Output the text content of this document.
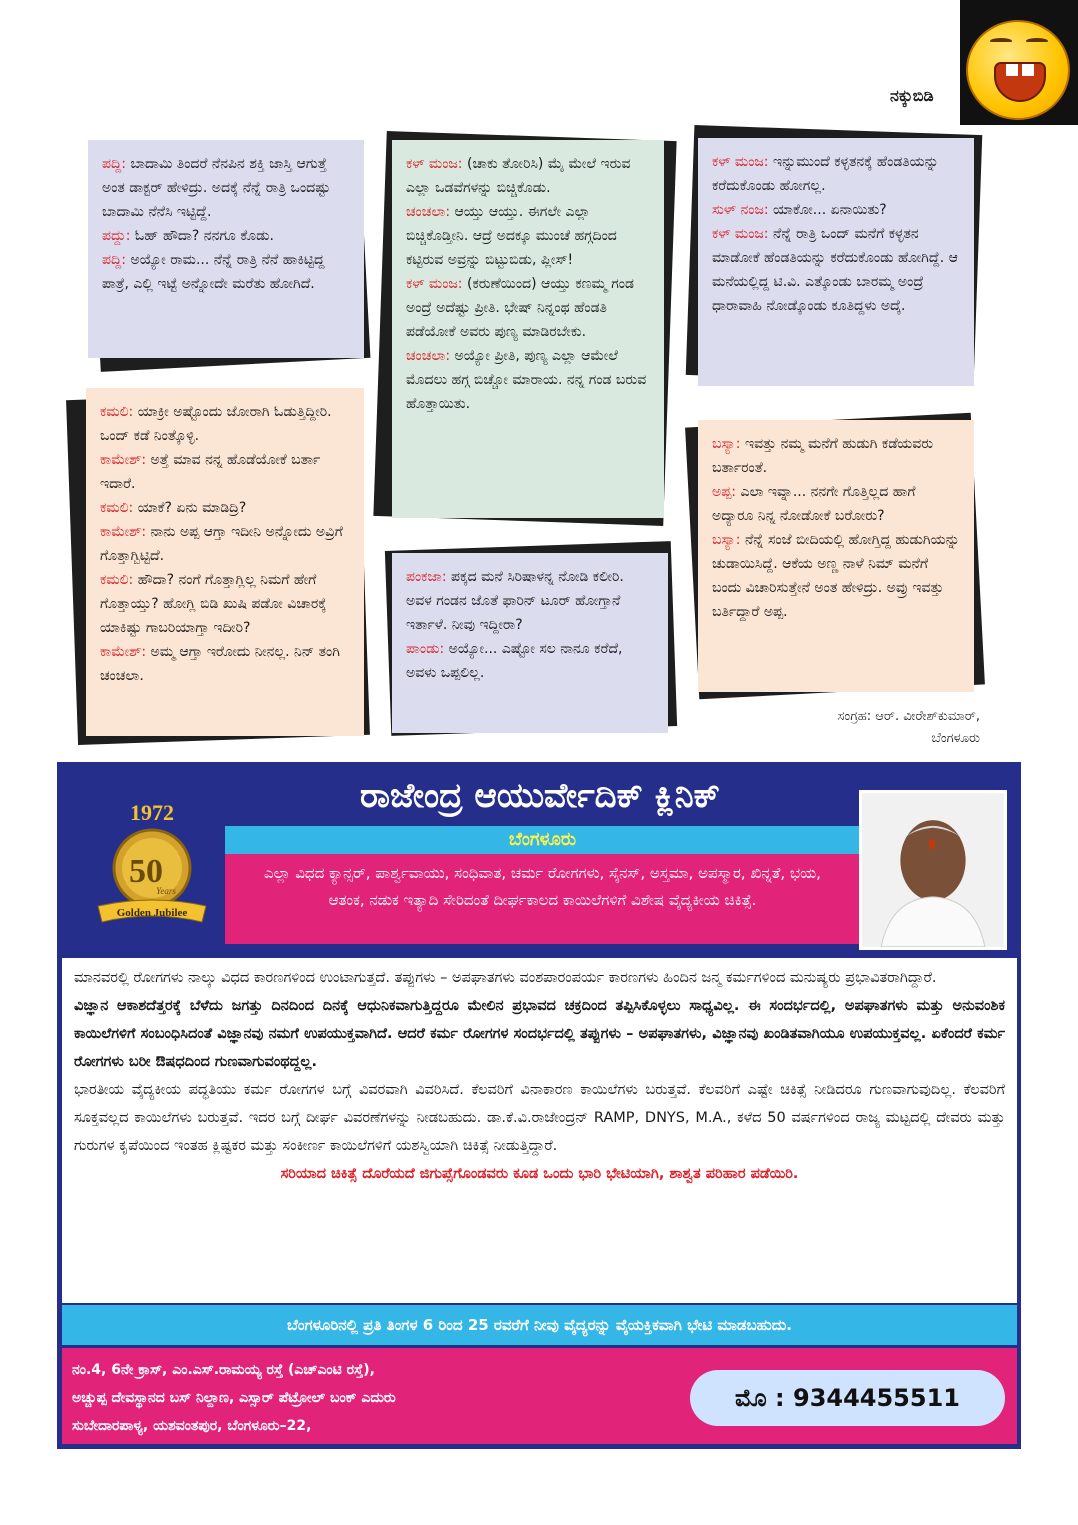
ನಕ್ಕುಬಿಡಿ

ಪದ್ದಿ: ಬಾದಾಮಿ ತಿಂದರೆ ನೆನಪಿನ ಶಕ್ತಿ ಜಾಸ್ತಿ ಆಗುತ್ತೆ ಅಂತ ಡಾಕ್ಟರ್ ಹೇಳಿದ್ರು. ಅದಕ್ಕೆ ನೆನ್ನೆ ರಾತ್ರಿ ಒಂದಷ್ಟು ಬಾದಾಮಿ ನೆನೆಸಿ ಇಟ್ಟಿದ್ದೆ.

ಪದ್ದು: ಓಹ್ ಹೌದಾ? ನನಗೂ ಕೊಡು.

ಪದ್ದಿ: ಅಯ್ಯೋ ರಾಮ... ನೆನ್ನೆ ರಾತ್ರಿ ನೆನೆ ಹಾಕಿಟ್ಟಿದ್ದ ಪಾತ್ರೆ, ಎಲ್ಲಿ ಇಟ್ಟೆ ಅನ್ನೋದೇ ಮರೆತು ಹೋಗಿದೆ.

ಕಮಲಿ: ಯಾಕ್ರೀ ಅಷ್ಟೊಂದು ಜೋರಾಗಿ ಓಡುತ್ತಿದ್ದೀರಿ. ಒಂದ್ ಕಡೆ ನಿಂತ್ಕೊಳ್ಳಿ.

ಕಾಮೇಶ್: ಅತ್ತೆ ಮಾವ ನನ್ನ ಹೊಡೆಯೋಕೆ ಬರ್ತಾ ಇದಾರೆ.

ಕಮಲಿ: ಯಾಕೆ? ಏನು ಮಾಡಿದ್ರಿ?

ಕಾಮೇಶ್: ನಾನು ಅಪ್ಪ ಆಗ್ತಾ ಇದೀನಿ ಅನ್ನೋದು ಅವ್ರಿಗೆ ಗೊತ್ತಾಗ್ಬಿಟ್ಟಿದೆ.

ಕಮಲಿ: ಹೌದಾ? ನಂಗೆ ಗೊತ್ತಾಗ್ಲಿಲ್ಲ ನಿಮಗೆ ಹೇಗೆ ಗೊತ್ತಾಯ್ತು? ಹೋಗ್ಲಿ ಬಿಡಿ ಖುಷಿ ಪಡೋ ವಿಚಾರಕ್ಕೆ ಯಾಕಿಷ್ಟು ಗಾಬರಿಯಾಗ್ತಾ ಇದೀರಿ?

ಕಾಮೇಶ್: ಅಮ್ಮ ಆಗ್ತಾ ಇರೋದು ನೀನಲ್ಲ. ನಿನ್ ತಂಗಿ ಚಂಚಲಾ.

ಕಳ್ ಮಂಜ: (ಚಾಕು ತೋರಿಸಿ) ಮೈ ಮೇಲೆ ಇರುವ ಎಲ್ಲಾ ಒಡವೆಗಳನ್ನು ಬಿಚ್ಚಿಕೊಡು.

ಚಂಚಲಾ: ಆಯ್ತು ಆಯ್ತು. ಈಗಲೇ ಎಲ್ಲಾ ಬಿಚ್ಚಿಕೊಡ್ತೀನಿ. ಆದ್ರೆ ಅದಕ್ಕೂ ಮುಂಚೆ ಹಗ್ಗದಿಂದ ಕಟ್ಟಿರುವ ಅವ್ರನ್ನು ಬಿಟ್ಟುಬಿಡು, ಪ್ಲೀಸ್!

ಕಳ್ ಮಂಜ: (ಕರುಣೆಯಿಂದ) ಆಯ್ತು ಕಣಮ್ಮ ಗಂಡ ಅಂದ್ರೆ ಅದೆಷ್ಟು ಪ್ರೀತಿ. ಭೇಷ್ ನಿನ್ನಂಥ ಹೆಂಡತಿ ಪಡೆಯೋಕೆ ಅವರು ಪುಣ್ಯ ಮಾಡಿರಬೇಕು.

ಚಂಚಲಾ: ಅಯ್ಯೋ ಪ್ರೀತಿ, ಪುಣ್ಯ ಎಲ್ಲಾ ಆಮೇಲೆ ಮೊದಲು ಹಗ್ಗ ಬಿಚ್ಚೋ ಮಾರಾಯ. ನನ್ನ ಗಂಡ ಬರುವ ಹೊತ್ತಾಯಿತು.

ಪಂಕಜಾ: ಪಕ್ಕದ ಮನೆ ಸಿರಿಷಾಳನ್ನ ನೋಡಿ ಕಲೀರಿ. ಅವಳ ಗಂಡನ ಜೊತೆ ಫಾರಿನ್ ಟೂರ್ ಹೋಗ್ತಾನೆ ಇರ್ತಾಳೆ. ನೀವು ಇದ್ದೀರಾ?

ಪಾಂಡು: ಅಯ್ಯೋ... ಎಷ್ಟೋ ಸಲ ನಾನೂ ಕರೆದೆ, ಅವಳು ಒಪ್ಪಲಿಲ್ಲ.

ಕಳ್ ಮಂಜ: ಇನ್ನುಮುಂದೆ ಕಳ್ಳತನಕ್ಕೆ ಹೆಂಡತಿಯನ್ನು ಕರೆದುಕೊಂಡು ಹೋಗಲ್ಲ.

ಸುಳ್ ನಂಜ: ಯಾಕೋ... ಏನಾಯಿತು?

ಕಳ್ ಮಂಜ: ನೆನ್ನೆ ರಾತ್ರಿ ಒಂದ್ ಮನೆಗೆ ಕಳ್ಳತನ ಮಾಡೋಕೆ ಹೆಂಡತಿಯನ್ನು ಕರೆದುಕೊಂಡು ಹೋಗಿದ್ದೆ. ಆ ಮನೆಯಲ್ಲಿದ್ದ ಟಿ.ವಿ. ಎತ್ಕೊಂಡು ಬಾರಮ್ಮ ಅಂದ್ರೆ ಧಾರಾವಾಹಿ ನೋಡ್ಕೊಂಡು ಕೂತಿದ್ದಳು ಅದ್ಕೆ.

ಬಸ್ಯಾ: ಇವತ್ತು ನಮ್ಮ ಮನೆಗೆ ಹುಡುಗಿ ಕಡೆಯವರು ಬರ್ತಾರಂತೆ.

ಅಪ್ಪ: ಎಲಾ ಇವ್ನಾ... ನನಗೇ ಗೊತ್ತಿಲ್ಲದ ಹಾಗೆ ಅದ್ಯಾರೂ ನಿನ್ನ ನೋಡೋಕೆ ಬರೋರು?

ಬಸ್ಯಾ: ನೆನ್ನೆ ಸಂಜೆ ಬೀದಿಯಲ್ಲಿ ಹೋಗ್ತಿದ್ದ ಹುಡುಗಿಯನ್ನು ಚುಡಾಯಿಸಿದ್ದೆ. ಆಕೆಯ ಅಣ್ಣ ನಾಳೆ ನಿಮ್ ಮನೆಗೆ ಬಂದು ವಿಚಾರಿಸುತ್ತೇನೆ ಅಂತ ಹೇಳಿದ್ರು. ಅವ್ರು ಇವತ್ತು ಬರ್ತಿದ್ದಾರೆ ಅಪ್ಪ.

ಸಂಗ್ರಹ: ಆರ್. ವೀರೇಶ್‌ಕುಮಾರ್,
ಬೆಂಗಳೂರು
ರಾಜೇಂದ್ರ ಆಯುರ್ವೇದಿಕ್ ಕ್ಲಿನಿಕ್
ಬೆಂಗಳೂರು
ಎಲ್ಲಾ ವಿಧದ ಕ್ಯಾನ್ಸರ್, ಪಾರ್ಶ್ವವಾಯು, ಸಂಧಿವಾತ, ಚರ್ಮ ರೋಗಗಳು, ಸೈನಸ್, ಅಸ್ತಮಾ, ಅಪಸ್ಮಾರ, ಖಿನ್ನತೆ, ಭಯ, ಆತಂಕ, ನಡುಕ ಇತ್ಯಾದಿ ಸೇರಿದಂತೆ ದೀರ್ಘಕಾಲದ ಕಾಯಿಲೆಗಳಿಗೆ ವಿಶೇಷ ವೈದ್ಯಕೀಯ ಚಿಕಿತ್ಸೆ.
1972
50
Years
Golden Jubilee

ಮಾನವರಲ್ಲಿ ರೋಗಗಳು ನಾಲ್ಕು ವಿಧದ ಕಾರಣಗಳಿಂದ ಉಂಟಾಗುತ್ತದೆ. ತಪ್ಪುಗಳು – ಅಪಘಾತಗಳು ವಂಶಪಾರಂಪರ್ಯ ಕಾರಣಗಳು ಹಿಂದಿನ ಜನ್ಮ ಕರ್ಮಗಳಿಂದ ಮನುಷ್ಯರು ಪ್ರಭಾವಿತರಾಗಿದ್ದಾರೆ.

ವಿಜ್ಞಾನ ಆಕಾಶದೆತ್ತರಕ್ಕೆ ಬೆಳೆದು ಜಗತ್ತು ದಿನದಿಂದ ದಿನಕ್ಕೆ ಆಧುನಿಕವಾಗುತ್ತಿದ್ದರೂ ಮೇಲಿನ ಪ್ರಭಾವದ ಚಕ್ರದಿಂದ ತಪ್ಪಿಸಿಕೊಳ್ಳಲು ಸಾಧ್ಯವಿಲ್ಲ. ಈ ಸಂದರ್ಭದಲ್ಲಿ, ಅಪಘಾತಗಳು ಮತ್ತು ಅನುವಂಶಿಕ ಕಾಯಿಲೆಗಳಿಗೆ ಸಂಬಂಧಿಸಿದಂತೆ ವಿಜ್ಞಾನವು ನಮಗೆ ಉಪಯುಕ್ತವಾಗಿದೆ. ಆದರೆ ಕರ್ಮ ರೋಗಗಳ ಸಂದರ್ಭದಲ್ಲಿ ತಪ್ಪುಗಳು – ಅಪಘಾತಗಳು, ವಿಜ್ಞಾನವು ಖಂಡಿತವಾಗಿಯೂ ಉಪಯುಕ್ತವಲ್ಲ. ಏಕೆಂದರೆ ಕರ್ಮ ರೋಗಗಳು ಬರೀ ಔಷಧದಿಂದ ಗುಣವಾಗುವಂಥದ್ದಲ್ಲ.

ಭಾರತೀಯ ವೈದ್ಯಕೀಯ ಪದ್ಧತಿಯು ಕರ್ಮ ರೋಗಗಳ ಬಗ್ಗೆ ವಿವರವಾಗಿ ವಿವರಿಸಿದೆ. ಕೆಲವರಿಗೆ ವಿನಾಕಾರಣ ಕಾಯಿಲೆಗಳು ಬರುತ್ತವೆ. ಕೆಲವರಿಗೆ ಎಷ್ಟೇ ಚಿಕಿತ್ಸೆ ನೀಡಿದರೂ ಗುಣವಾಗುವುದಿಲ್ಲ. ಕೆಲವರಿಗೆ ಸೂಕ್ತವಲ್ಲದ ಕಾಯಿಲೆಗಳು ಬರುತ್ತವೆ. ಇದರ ಬಗ್ಗೆ ದೀರ್ಘ ವಿವರಣೆಗಳನ್ನು ನೀಡಬಹುದು. ಡಾ.ಕೆ.ವಿ.ರಾಜೇಂದ್ರನ್ RAMP, DNYS, M.A., ಕಳೆದ 50 ವರ್ಷಗಳಿಂದ ರಾಜ್ಯ ಮಟ್ಟದಲ್ಲಿ ದೇವರು ಮತ್ತು ಗುರುಗಳ ಕೃಪೆಯಿಂದ ಇಂತಹ ಕ್ಲಿಷ್ಟಕರ ಮತ್ತು ಸಂಕೀರ್ಣ ಕಾಯಿಲೆಗಳಿಗೆ ಯಶಸ್ವಿಯಾಗಿ ಚಿಕಿತ್ಸೆ ನೀಡುತ್ತಿದ್ದಾರೆ.

ಸರಿಯಾದ ಚಿಕಿತ್ಸೆ ದೊರೆಯದೆ ಜಿಗುಪ್ಸೆಗೊಂಡವರು ಕೂಡ ಒಂದು ಭಾರಿ ಭೇಟಿಯಾಗಿ, ಶಾಶ್ವತ ಪರಿಹಾರ ಪಡೆಯಿರಿ.

ಬೆಂಗಳೂರಿನಲ್ಲಿ ಪ್ರತಿ ತಿಂಗಳ 6 ರಿಂದ 25 ರವರೆಗೆ ನೀವು ವೈದ್ಯರನ್ನು ವೈಯಕ್ತಿಕವಾಗಿ ಭೇಟಿ ಮಾಡಬಹುದು.
ನಂ.4, 6ನೇ ಕ್ರಾಸ್, ಎಂ.ಎಸ್.ರಾಮಯ್ಯ ರಸ್ತೆ (ಎಚ್‌ಎಂಟಿ ರಸ್ತೆ),
ಅಚ್ಚುಪ್ಪ ದೇವಸ್ಥಾನದ ಬಸ್ ನಿಲ್ದಾಣ, ಎಸ್ಸಾರ್ ಪೆಟ್ರೋಲ್ ಬಂಕ್ ಎದುರು
ಸುಬೇದಾರಪಾಳ್ಯ, ಯಶವಂತಪುರ, ಬೆಂಗಳೂರು–22,
ಮೊ : 9344455511
